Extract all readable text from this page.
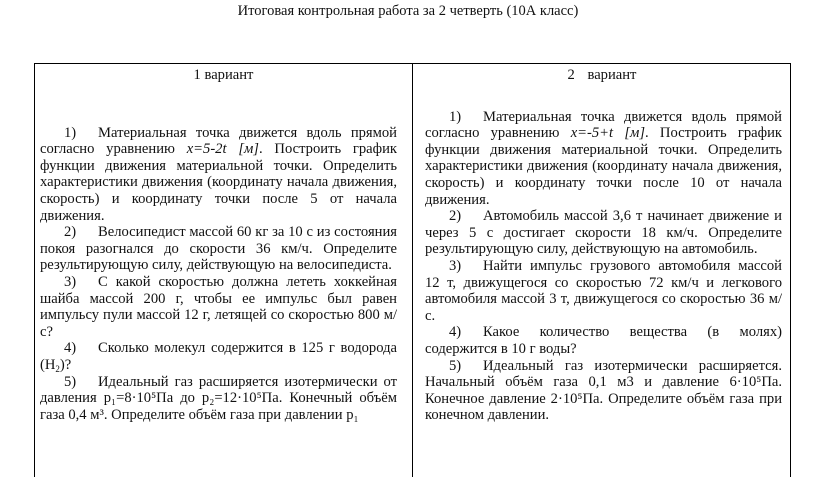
Итоговая контрольная работа за 2 четверть (10А класс)
1 вариант

1) Материальная точка движется вдоль прямой согласно уравнению x=5-2t [м]. Построить график функции движения материальной точки. Определить характеристики движения (координату начала движения, скорость) и координату точки после 5 от начала движения.

2) Велосипедист массой 60 кг за 10 с из состояния покоя разогнался до скорости 36 км/ч. Определите результирующую силу, действующую на велосипедиста.

3) С какой скоростью должна лететь хоккейная шайба массой 200 г, чтобы ее импульс был равен импульсу пули массой 12 г, летящей со скоростью 800 м/с?

4) Сколько молекул содержится в 125 г водорода $(H_2)$?

5) Идеальный газ расширяется изотермически от давления p₁=8·10⁵Па до p₂=12·10⁵Па. Конечный объём газа 0,4 м³. Определите объём газа при давлении p₁

2 вариант

1) Материальная точка движется вдоль прямой согласно уравнению x=-5+t [м]. Построить график функции движения материальной точки. Определить характеристики движения (координату начала движения, скорость) и координату точки после 10 от начала движения.

2) Автомобиль массой 3,6 т начинает движение и через 5 с достигает скорости 18 км/ч. Определите результирующую силу, действующую на автомобиль.

3) Найти импульс грузового автомобиля массой 12 т, движущегося со скоростью 72 км/ч и легкового автомобиля массой 3 т, движущегося со скоростью 36 м/с.

4) Какое количество вещества (в молях) содержится в 10 г воды?

5) Идеальный газ изотермически расширяется. Начальный объём газа 0,1 м3 и давление 6·10⁵Па. Конечное давление 2·10⁵Па. Определите объём газа при конечном давлении.
